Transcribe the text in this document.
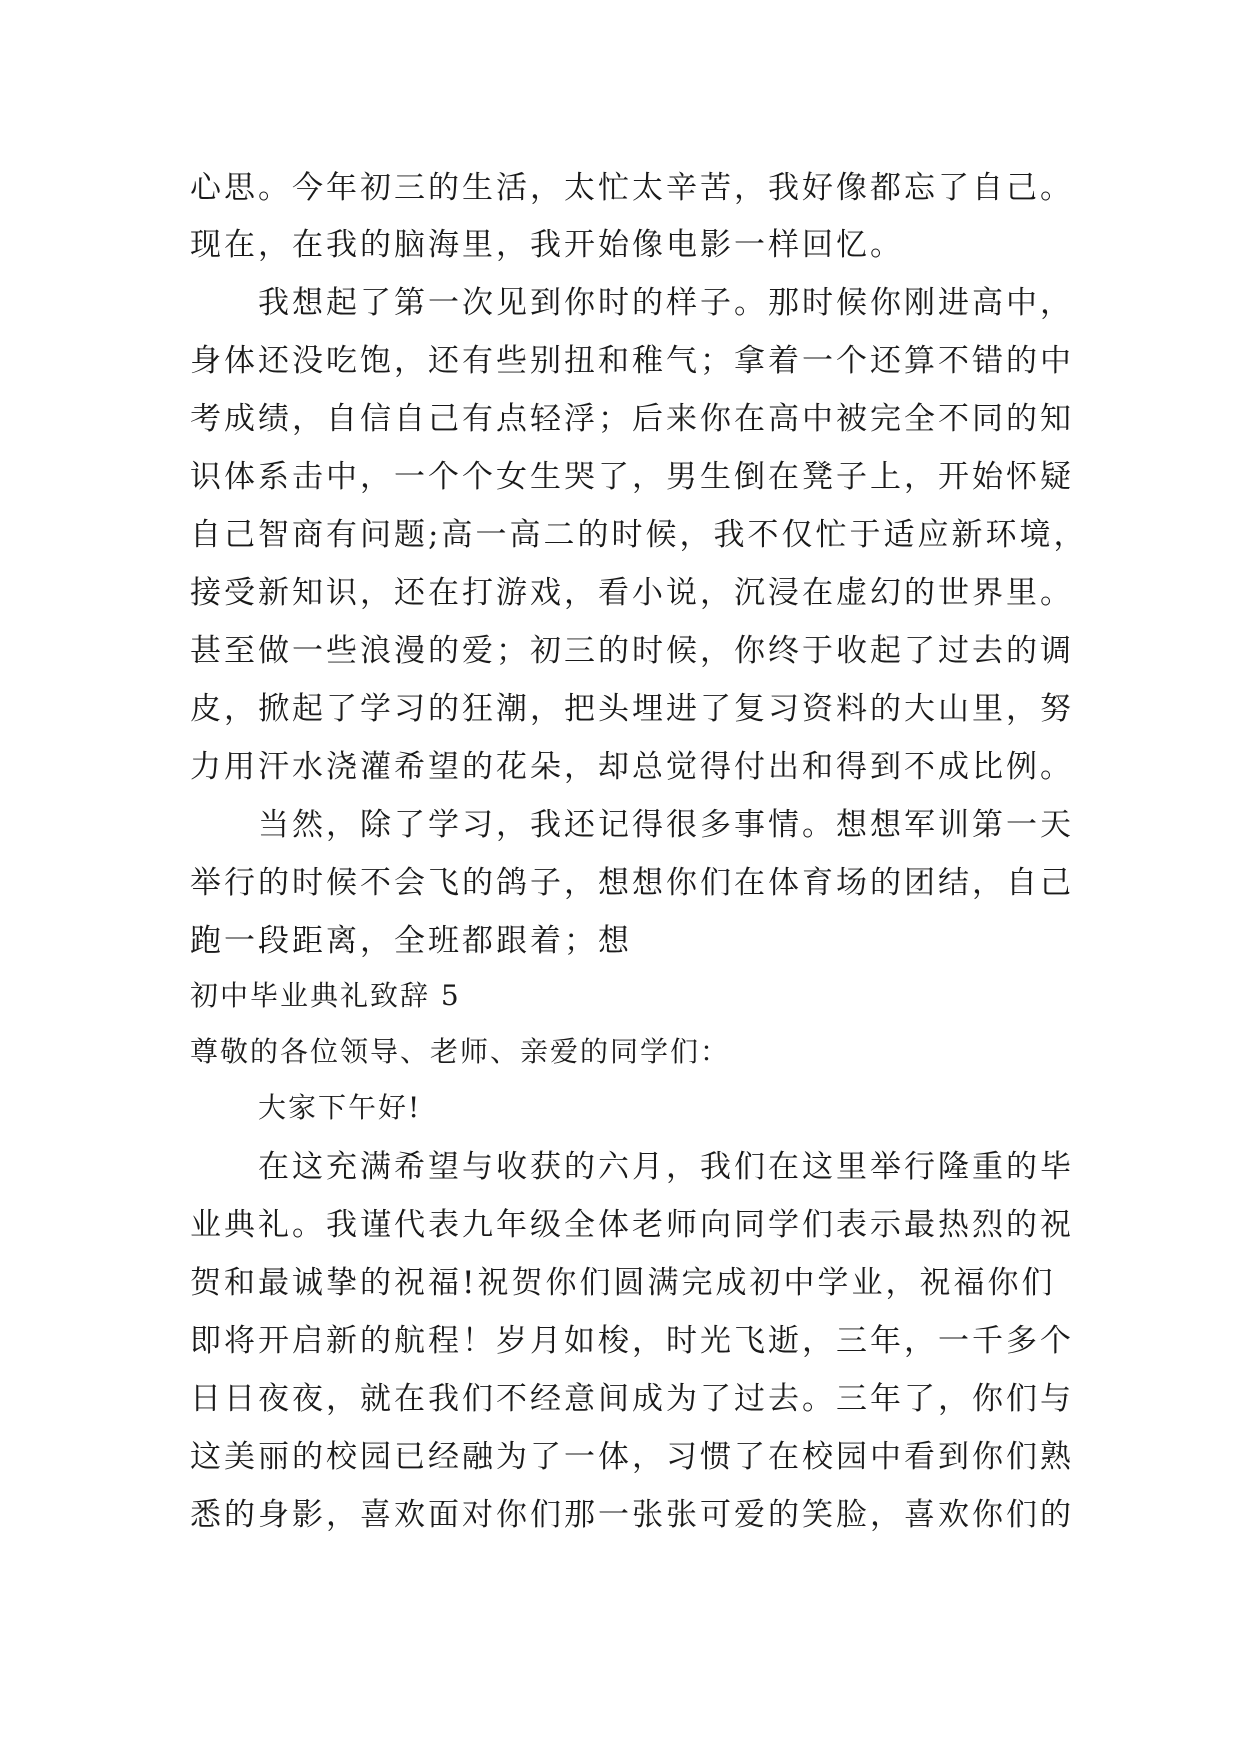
心思。今年初三的生活，太忙太辛苦，我好像都忘了自己。
现在，在我的脑海里，我开始像电影一样回忆。
我想起了第一次见到你时的样子。那时候你刚进高中，
身体还没吃饱，还有些别扭和稚气；拿着一个还算不错的中
考成绩，自信自己有点轻浮；后来你在高中被完全不同的知
识体系击中，一个个女生哭了，男生倒在凳子上，开始怀疑
自己智商有问题;高一高二的时候，我不仅忙于适应新环境，
接受新知识，还在打游戏，看小说，沉浸在虚幻的世界里。
甚至做一些浪漫的爱；初三的时候，你终于收起了过去的调
皮，掀起了学习的狂潮，把头埋进了复习资料的大山里，努
力用汗水浇灌希望的花朵，却总觉得付出和得到不成比例。
当然，除了学习，我还记得很多事情。想想军训第一天
举行的时候不会飞的鸽子，想想你们在体育场的团结，自己
跑一段距离，全班都跟着；想
初中毕业典礼致辞 5
尊敬的各位领导、老师、亲爱的同学们：
大家下午好!
在这充满希望与收获的六月，我们在这里举行隆重的毕
业典礼。我谨代表九年级全体老师向同学们表示最热烈的祝
贺和最诚挚的祝福!祝贺你们圆满完成初中学业，祝福你们
即将开启新的航程！岁月如梭，时光飞逝，三年，一千多个
日日夜夜，就在我们不经意间成为了过去。三年了，你们与
这美丽的校园已经融为了一体，习惯了在校园中看到你们熟
悉的身影，喜欢面对你们那一张张可爱的笑脸，喜欢你们的
